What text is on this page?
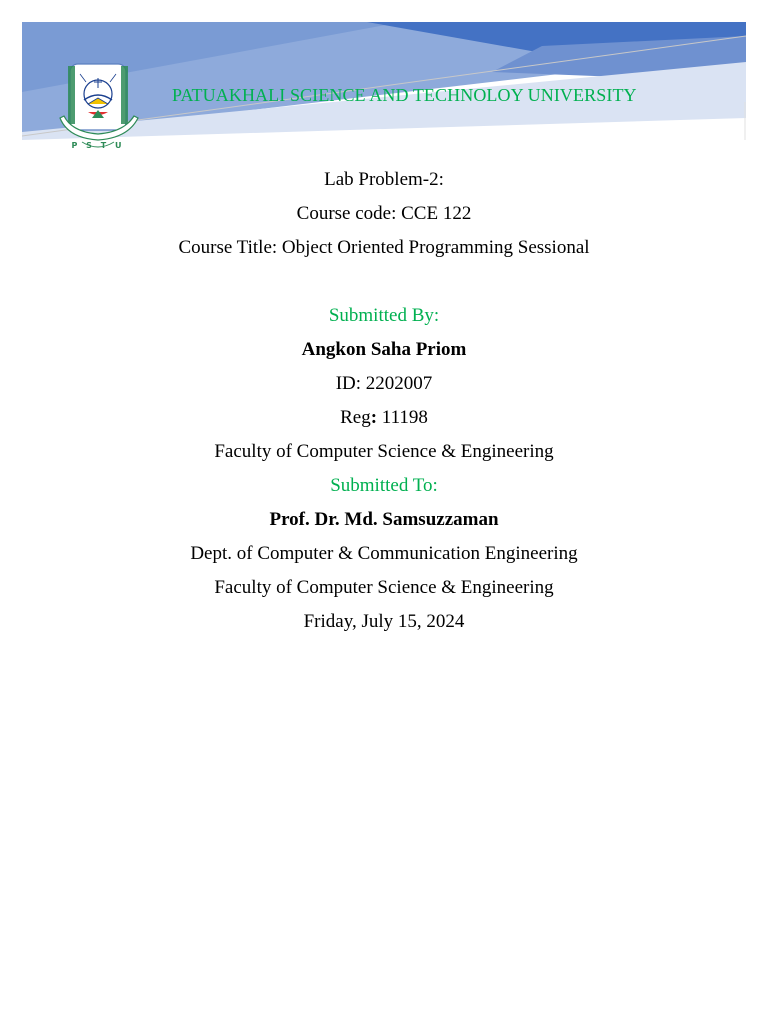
P S T U
PATUAKHALI SCIENCE AND TECHNOLOY UNIVERSITY
Lab Problem-2:
Course code: CCE 122
Course Title: Object Oriented Programming Sessional
Submitted By:
Angkon Saha Priom
ID: 2202007
Reg: 11198
Faculty of Computer Science & Engineering
Submitted To:
Prof. Dr. Md. Samsuzzaman
Dept. of Computer & Communication Engineering
Faculty of Computer Science & Engineering
Friday, July 15, 2024
